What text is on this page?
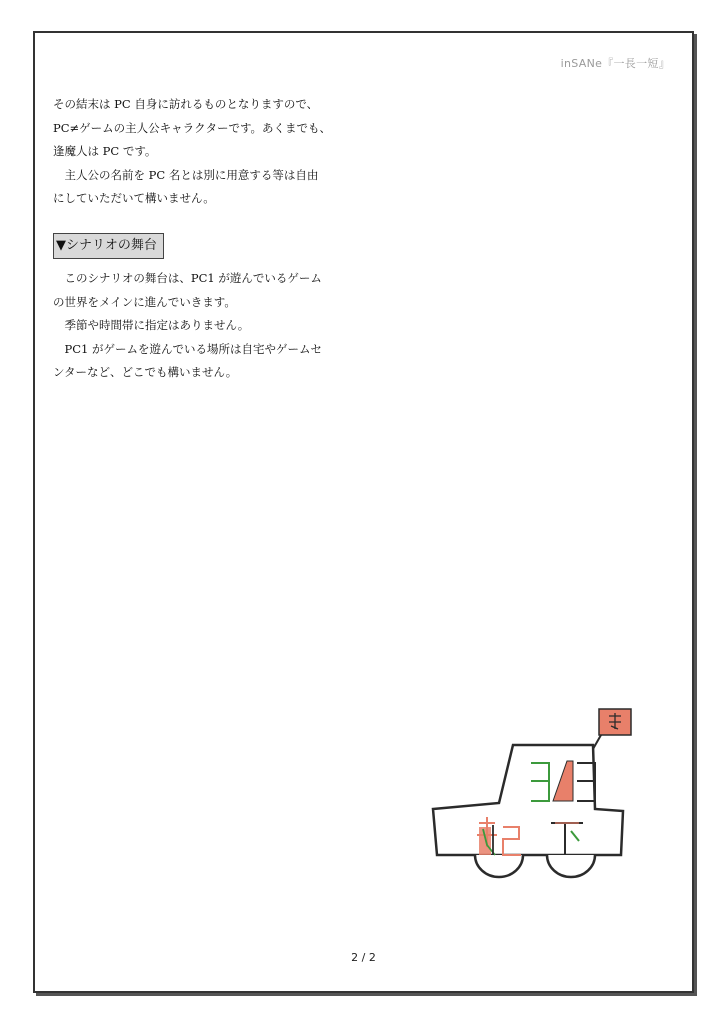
inSANe『一長一短』

その結末は PC 自身に訪れるものとなりますので、

PC≠ゲームの主人公キャラクターです。あくまでも、

逢魔人は PC です。

　主人公の名前を PC 名とは別に用意する等は自由

にしていただいて構いません。

▼シナリオの舞台

　このシナリオの舞台は、PC1 が遊んでいるゲーム

の世界をメインに進んでいきます。

　季節や時間帯に指定はありません。

　PC1 がゲームを遊んでいる場所は自宅やゲームセ

ンターなど、どこでも構いません。

2 / 2
